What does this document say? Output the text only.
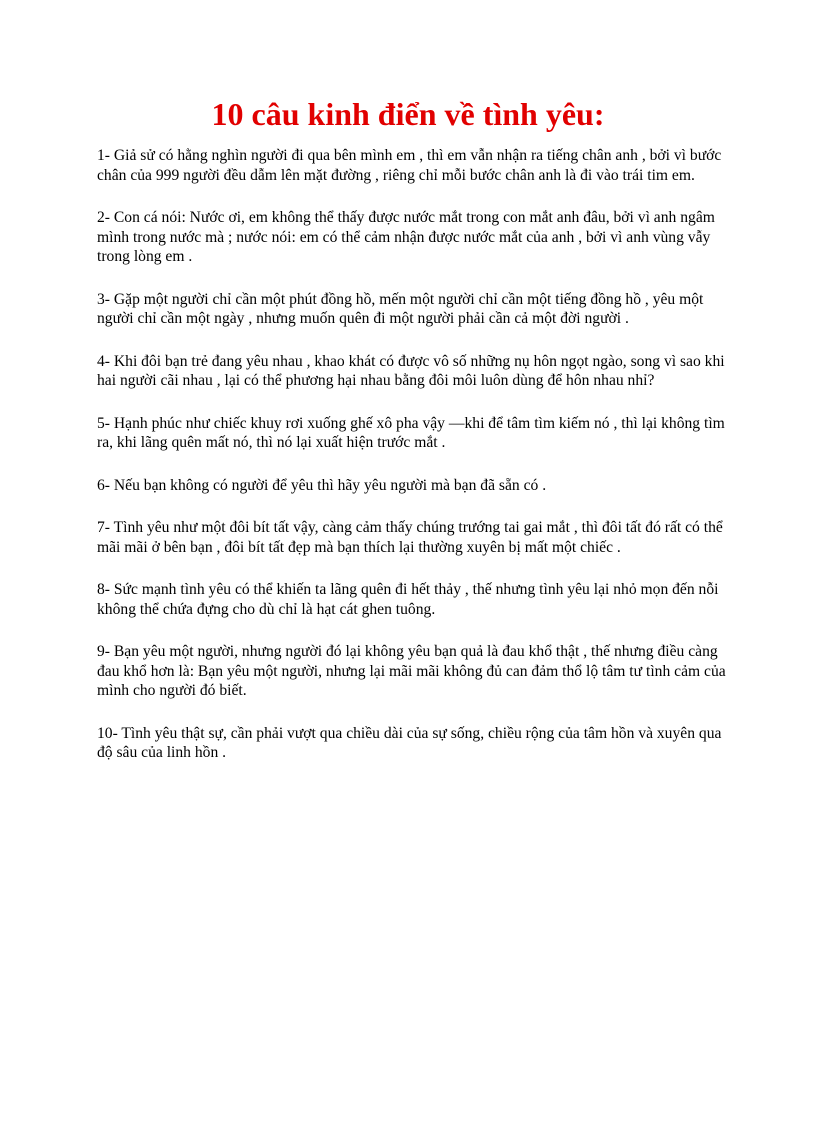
10 câu kinh điển về tình yêu:

1- Giả sử có hằng nghìn người đi qua bên mình em , thì em vẫn nhận ra tiếng chân anh , bởi vì bước chân của 999 người đều dẫm lên mặt đường , riêng chỉ mỗi bước chân anh là đi vào trái tim em.

2- Con cá nói: Nước ơi, em không thể thấy được nước mắt trong con mắt anh đâu, bởi vì anh ngâm mình trong nước mà ; nước nói: em có thể cảm nhận được nước mắt của anh , bởi vì anh vùng vẫy trong lòng em .

3- Gặp một người chỉ cần một phút đồng hồ, mến một người chỉ cần một tiếng đồng hồ , yêu một người chỉ cần một ngày , nhưng muốn quên đi một người phải cần cả một đời người .

4- Khi đôi bạn trẻ đang yêu nhau , khao khát có được vô số những nụ hôn ngọt ngào, song vì sao khi hai người cãi nhau , lại có thể phương hại nhau bằng đôi môi luôn dùng để hôn nhau nhỉ?

5- Hạnh phúc như chiếc khuy rơi xuống ghế xô pha vậy —khi để tâm tìm kiếm nó , thì lại không tìm ra, khi lãng quên mất nó, thì nó lại xuất hiện trước mắt .

6- Nếu bạn không có người để yêu thì hãy yêu người mà bạn đã sẵn có .

7- Tình yêu như một đôi bít tất vậy, càng cảm thấy chúng trướng tai gai mắt , thì đôi tất đó rất có thể mãi mãi ở bên bạn , đôi bít tất đẹp mà bạn thích lại thường xuyên bị mất một chiếc .

8- Sức mạnh tình yêu có thể khiến ta lãng quên đi hết thảy , thế nhưng tình yêu lại nhỏ mọn đến nỗi không thể chứa đựng cho dù chỉ là hạt cát ghen tuông.

9- Bạn yêu một người, nhưng người đó lại không yêu bạn quả là đau khổ thật , thế nhưng điều càng đau khổ hơn là: Bạn yêu một người, nhưng lại mãi mãi không đủ can đảm thổ lộ tâm tư tình cảm của mình cho người đó biết.

10- Tình yêu thật sự, cần phải vượt qua chiều dài của sự sống, chiều rộng của tâm hồn và xuyên qua độ sâu của linh hồn .
